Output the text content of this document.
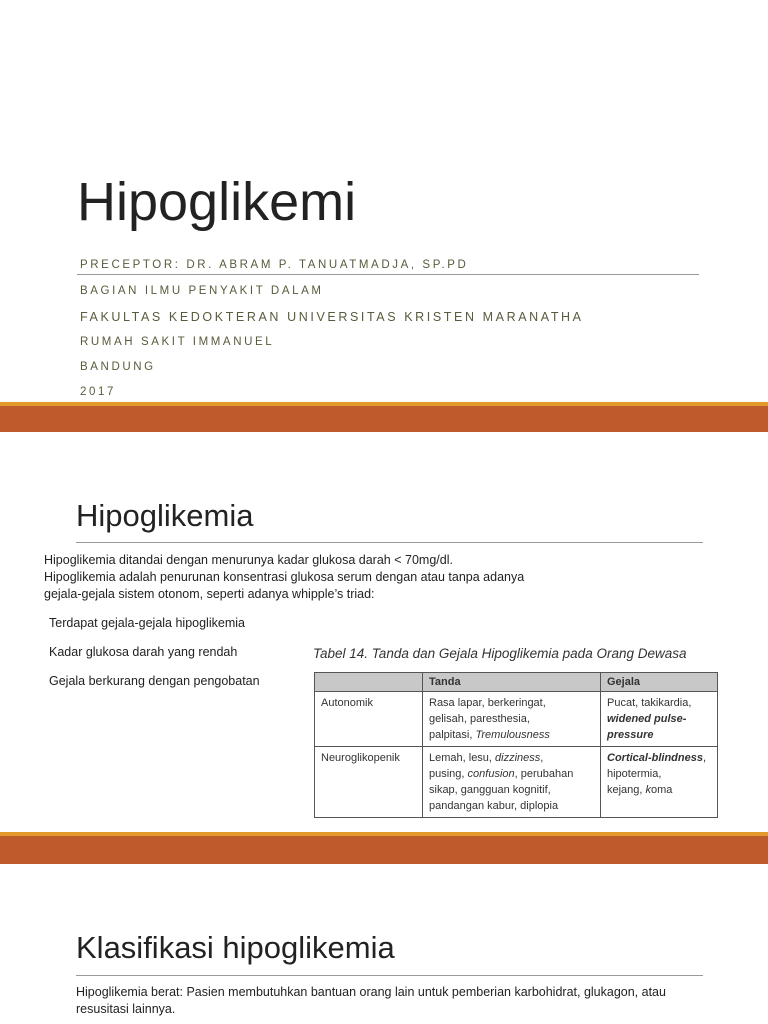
Hipoglikemi
PRECEPTOR: DR. ABRAM P. TANUATMADJA, SP.PD
BAGIAN ILMU PENYAKIT DALAM
FAKULTAS KEDOKTERAN UNIVERSITAS KRISTEN MARANATHA
RUMAH SAKIT IMMANUEL
BANDUNG
2017
Hipoglikemia

Hipoglikemia ditandai dengan menurunya kadar glukosa darah < 70mg/dl.

Hipoglikemia adalah penurunan konsentrasi glukosa serum dengan atau tanpa adanya gejala-gejala sistem otonom, seperti adanya whipple’s triad:

Terdapat gejala-gejala hipoglikemia
Kadar glukosa darah yang rendah
Gejala berkurang dengan pengobatan
Tabel 14. Tanda dan Gejala Hipoglikemia pada Orang Dewasa
	Tanda	Gejala
Autonomik	Rasa lapar, berkeringat,
gelisah, paresthesia,
palpitasi, Tremulousness	Pucat, takikardia,
widened pulse-
pressure
Neuroglikopenik	Lemah, lesu, dizziness,
pusing, confusion, perubahan
sikap, gangguan kognitif,
pandangan kabur, diplopia	Cortical-blindness,
hipotermia,
kejang, koma
Klasifikasi hipoglikemia

Hipoglikemia berat: Pasien membutuhkan bantuan orang lain untuk pemberian karbohidrat, glukagon, atau resusitasi lainnya.
